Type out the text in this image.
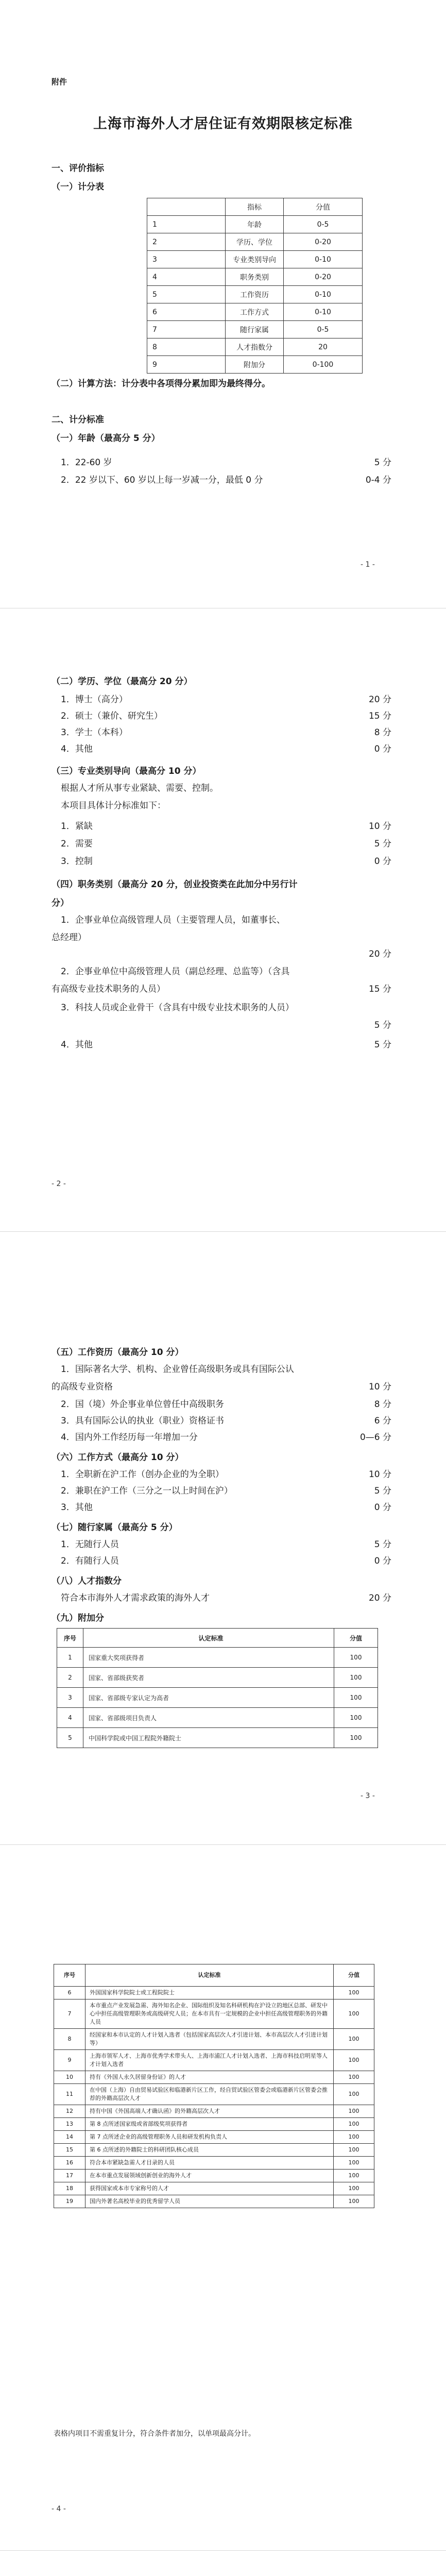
附件
上海市海外人才居住证有效期限核定标准
一、评价指标
（一）计分表
	指标	分值
1	年龄	0-5
2	学历、学位	0-20
3	专业类别导向	0-10
4	职务类别	0-20
5	工作资历	0-10
6	工作方式	0-10
7	随行家属	0-5
8	人才指数分	20
9	附加分	0-100
（二）计算方法：计分表中各项得分累加即为最终得分。
二、计分标准
（一）年龄（最高分 5 分）
1．22-60 岁	5 分
2．22 岁以下、60 岁以上每一岁减一分，最低 0 分	0-4 分
- 1 -
（二）学历、学位（最高分 20 分）
1．博士（高分）	20 分
2．硕士（兼价、研究生）	15 分
3．学士（本科）	8 分
4．其他	0 分
（三）专业类别导向（最高分 10 分）
根据人才所从事专业紧缺、需要、控制。
本项目具体计分标准如下：
1．紧缺	10 分
2．需要	5 分
3．控制	0 分
（四）职务类别（最高分 20 分，创业投资类在此加分中另行计
分）
1．企事业单位高级管理人员（主要管理人员，如董事长、
总经理）
20 分
2．企事业单位中高级管理人员（副总经理、总监等）（含具
有高级专业技术职务的人员）	15 分
3．科技人员或企业骨干（含具有中级专业技术职务的人员）
5 分
4．其他	5 分
- 2 -
（五）工作资历（最高分 10 分）
1．国际著名大学、机构、企业曾任高级职务或具有国际公认
的高级专业资格	10 分
2．国（境）外企事业单位曾任中高级职务	8 分
3．具有国际公认的执业（职业）资格证书	6 分
4．国内外工作经历每一年增加一分	0—6 分
（六）工作方式（最高分 10 分）
1．全职新在沪工作（创办企业的为全职）	10 分
2．兼职在沪工作（三分之一以上时间在沪）	5 分
3．其他	0 分
（七）随行家属（最高分 5 分）
1．无随行人员	5 分
2．有随行人员	0 分
（八）人才指数分
符合本市海外人才需求政策的海外人才	20 分
（九）附加分
序号	认定标准	分值
1	国家重大奖项获得者	100
2	国家、省部级获奖者	100
3	国家、省部级专家认定为高者	100
4	国家、省部级项目负责人	100
5	中国科学院或中国工程院外籍院士	100
- 3 -
序号	认定标准	分值
6	外国国家科学院院士或工程院院士	100
7	本市重点产业发展急需、海外知名企业、国际组织及知名科研机构在沪设立的地区总部、研发中心中担任高级管理职务或高级研究人员；在本市具有一定规模的企业中担任高级管理职务的外籍人员	100
8	经国家和本市认定的人才计划入选者（包括国家高层次人才引进计划、本市高层次人才引进计划等）	100
9	上海市领军人才、上海市优秀学术带头人、上海市浦江人才计划入选者、上海市科技启明星等人才计划入选者	100
10	持有《外国人永久居留身份证》的人才	100
11	在中国（上海）自由贸易试验区和临港新片区工作，经自贸试验区管委会或临港新片区管委会推荐的外籍高层次人才	100
12	持有中国《外国高端人才确认函》的外籍高层次人才	100
13	第 8 点所述国家级或省部级奖项获得者	100
14	第 7 点所述企业的高级管理职务人员和研发机构负责人	100
15	第 6 点所述的外籍院士的科研团队核心成员	100
16	符合本市紧缺急需人才目录的人员	100
17	在本市重点发展领域创新创业的海外人才	100
18	获得国家或本市专家称号的人才	100
19	国内外著名高校毕业的优秀留学人员	100
表格内项目不需重复计分，符合条件者加分，以单项最高分计。
- 4 -
